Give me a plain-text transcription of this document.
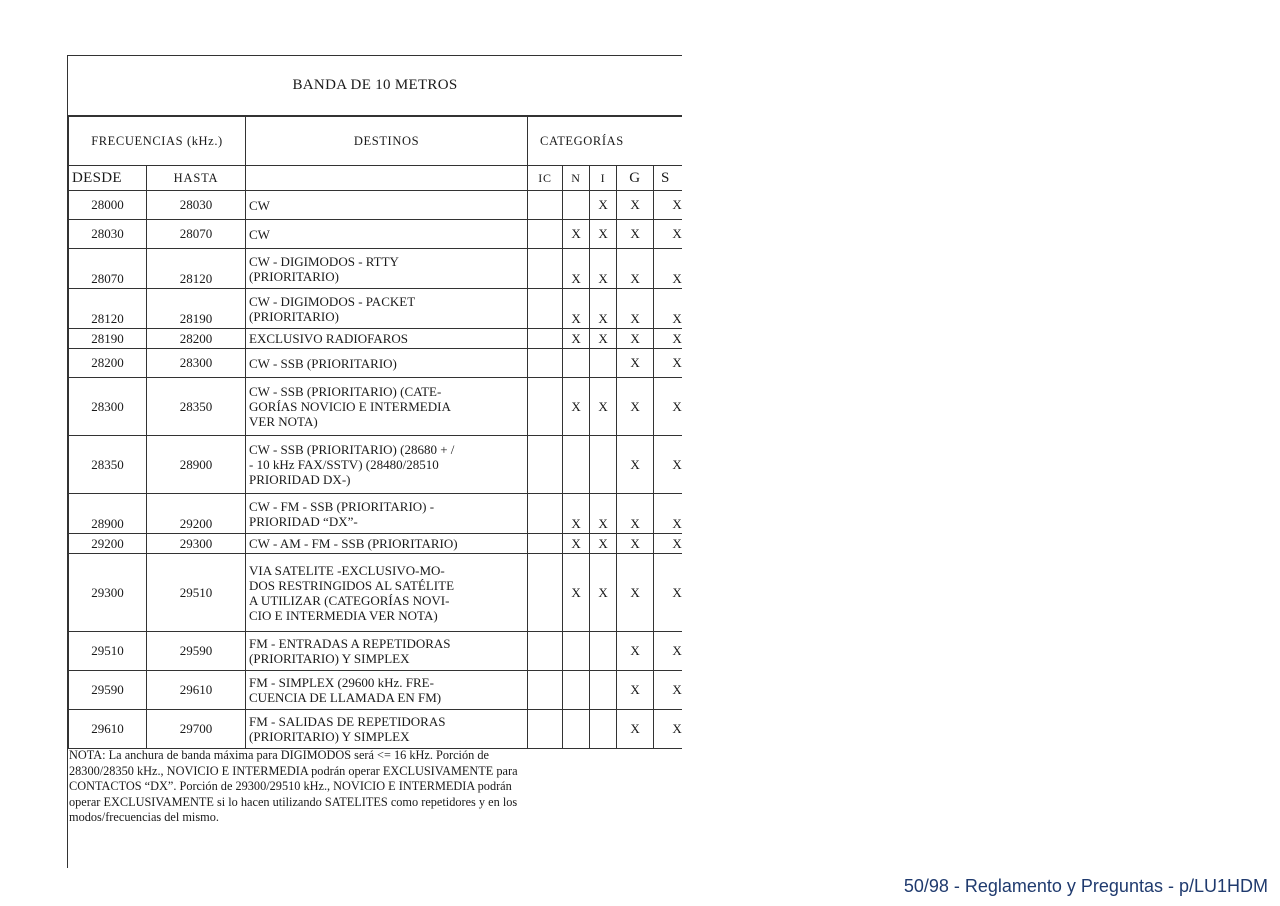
BANDA DE 10 METROS
FRECUENCIAS (kHz.)		DESTINOS	CATEGORÍAS				
DESDE	HASTA		IC	N	I	G	S
28000	28030	CW			X	X	X
28030	28070	CW		X	X	X	X
28070	28120	CW - DIGIMODOS - RTTY
(PRIORITARIO)		X	X	X	X
28120	28190	CW - DIGIMODOS - PACKET
(PRIORITARIO)		X	X	X	X
28190	28200	EXCLUSIVO RADIOFAROS		X	X	X	X
28200	28300	CW - SSB (PRIORITARIO)				X	X
28300	28350	CW - SSB (PRIORITARIO) (CATE-
GORÍAS NOVICIO E INTERMEDIA
VER NOTA)		X	X	X	X
28350	28900	CW - SSB (PRIORITARIO) (28680 + /
- 10 kHz FAX/SSTV) (28480/28510
PRIORIDAD DX-)				X	X
28900	29200	CW - FM - SSB (PRIORITARIO) -
PRIORIDAD “DX”-		X	X	X	X
29200	29300	CW - AM - FM - SSB (PRIORITARIO)		X	X	X	X
29300	29510	VIA SATELITE -EXCLUSIVO-MO-
DOS RESTRINGIDOS AL SATÉLITE
A UTILIZAR (CATEGORÍAS NOVI-
CIO E INTERMEDIA VER NOTA)		X	X	X	X
29510	29590	FM - ENTRADAS A REPETIDORAS
(PRIORITARIO) Y SIMPLEX				X	X
29590	29610	FM - SIMPLEX (29600 kHz. FRE-
CUENCIA DE LLAMADA EN FM)				X	X
29610	29700	FM - SALIDAS DE REPETIDORAS
(PRIORITARIO) Y SIMPLEX				X	X
NOTA: La anchura de banda máxima para DIGIMODOS será <= 16 kHz. Porción de
28300/28350 kHz., NOVICIO E INTERMEDIA podrán operar EXCLUSIVAMENTE para
CONTACTOS “DX”. Porción de 29300/29510 kHz., NOVICIO E INTERMEDIA podrán
operar EXCLUSIVAMENTE si lo hacen utilizando SATELITES como repetidores y en los
modos/frecuencias del mismo.
50/98 - Reglamento y Preguntas - p/LU1HDM
